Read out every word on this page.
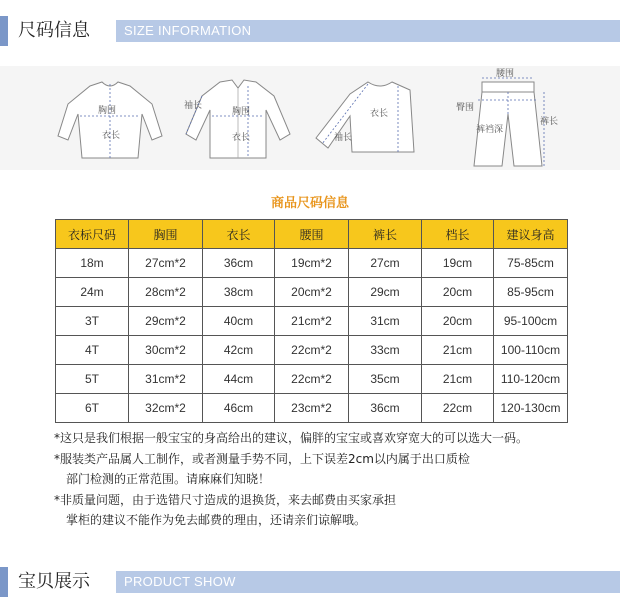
尺码信息	SIZE INFORMATION
胸围
衣长
袖长
胸围
衣长
衣长
袖长
腰围
臀围
裤裆深
裤长
商品尺码信息
衣标尺码	胸围	衣长	腰围	裤长	档长	建议身高
18m	27cm*2	36cm	19cm*2	27cm	19cm	75-85cm
24m	28cm*2	38cm	20cm*2	29cm	20cm	85-95cm
3T	29cm*2	40cm	21cm*2	31cm	20cm	95-100cm
4T	30cm*2	42cm	22cm*2	33cm	21cm	100-110cm
5T	31cm*2	44cm	22cm*2	35cm	21cm	110-120cm
6T	32cm*2	46cm	23cm*2	36cm	22cm	120-130cm
*这只是我们根据一般宝宝的身高给出的建议，偏胖的宝宝或喜欢穿宽大的可以选大一码。
*服装类产品属人工制作，或者测量手势不同，上下误差2cm以内属于出口质检
部门检测的正常范围。请麻麻们知晓！
*非质量问题，由于选错尺寸造成的退换货，来去邮费由买家承担
掌柜的建议不能作为免去邮费的理由，还请亲们谅解哦。
宝贝展示	PRODUCT SHOW
